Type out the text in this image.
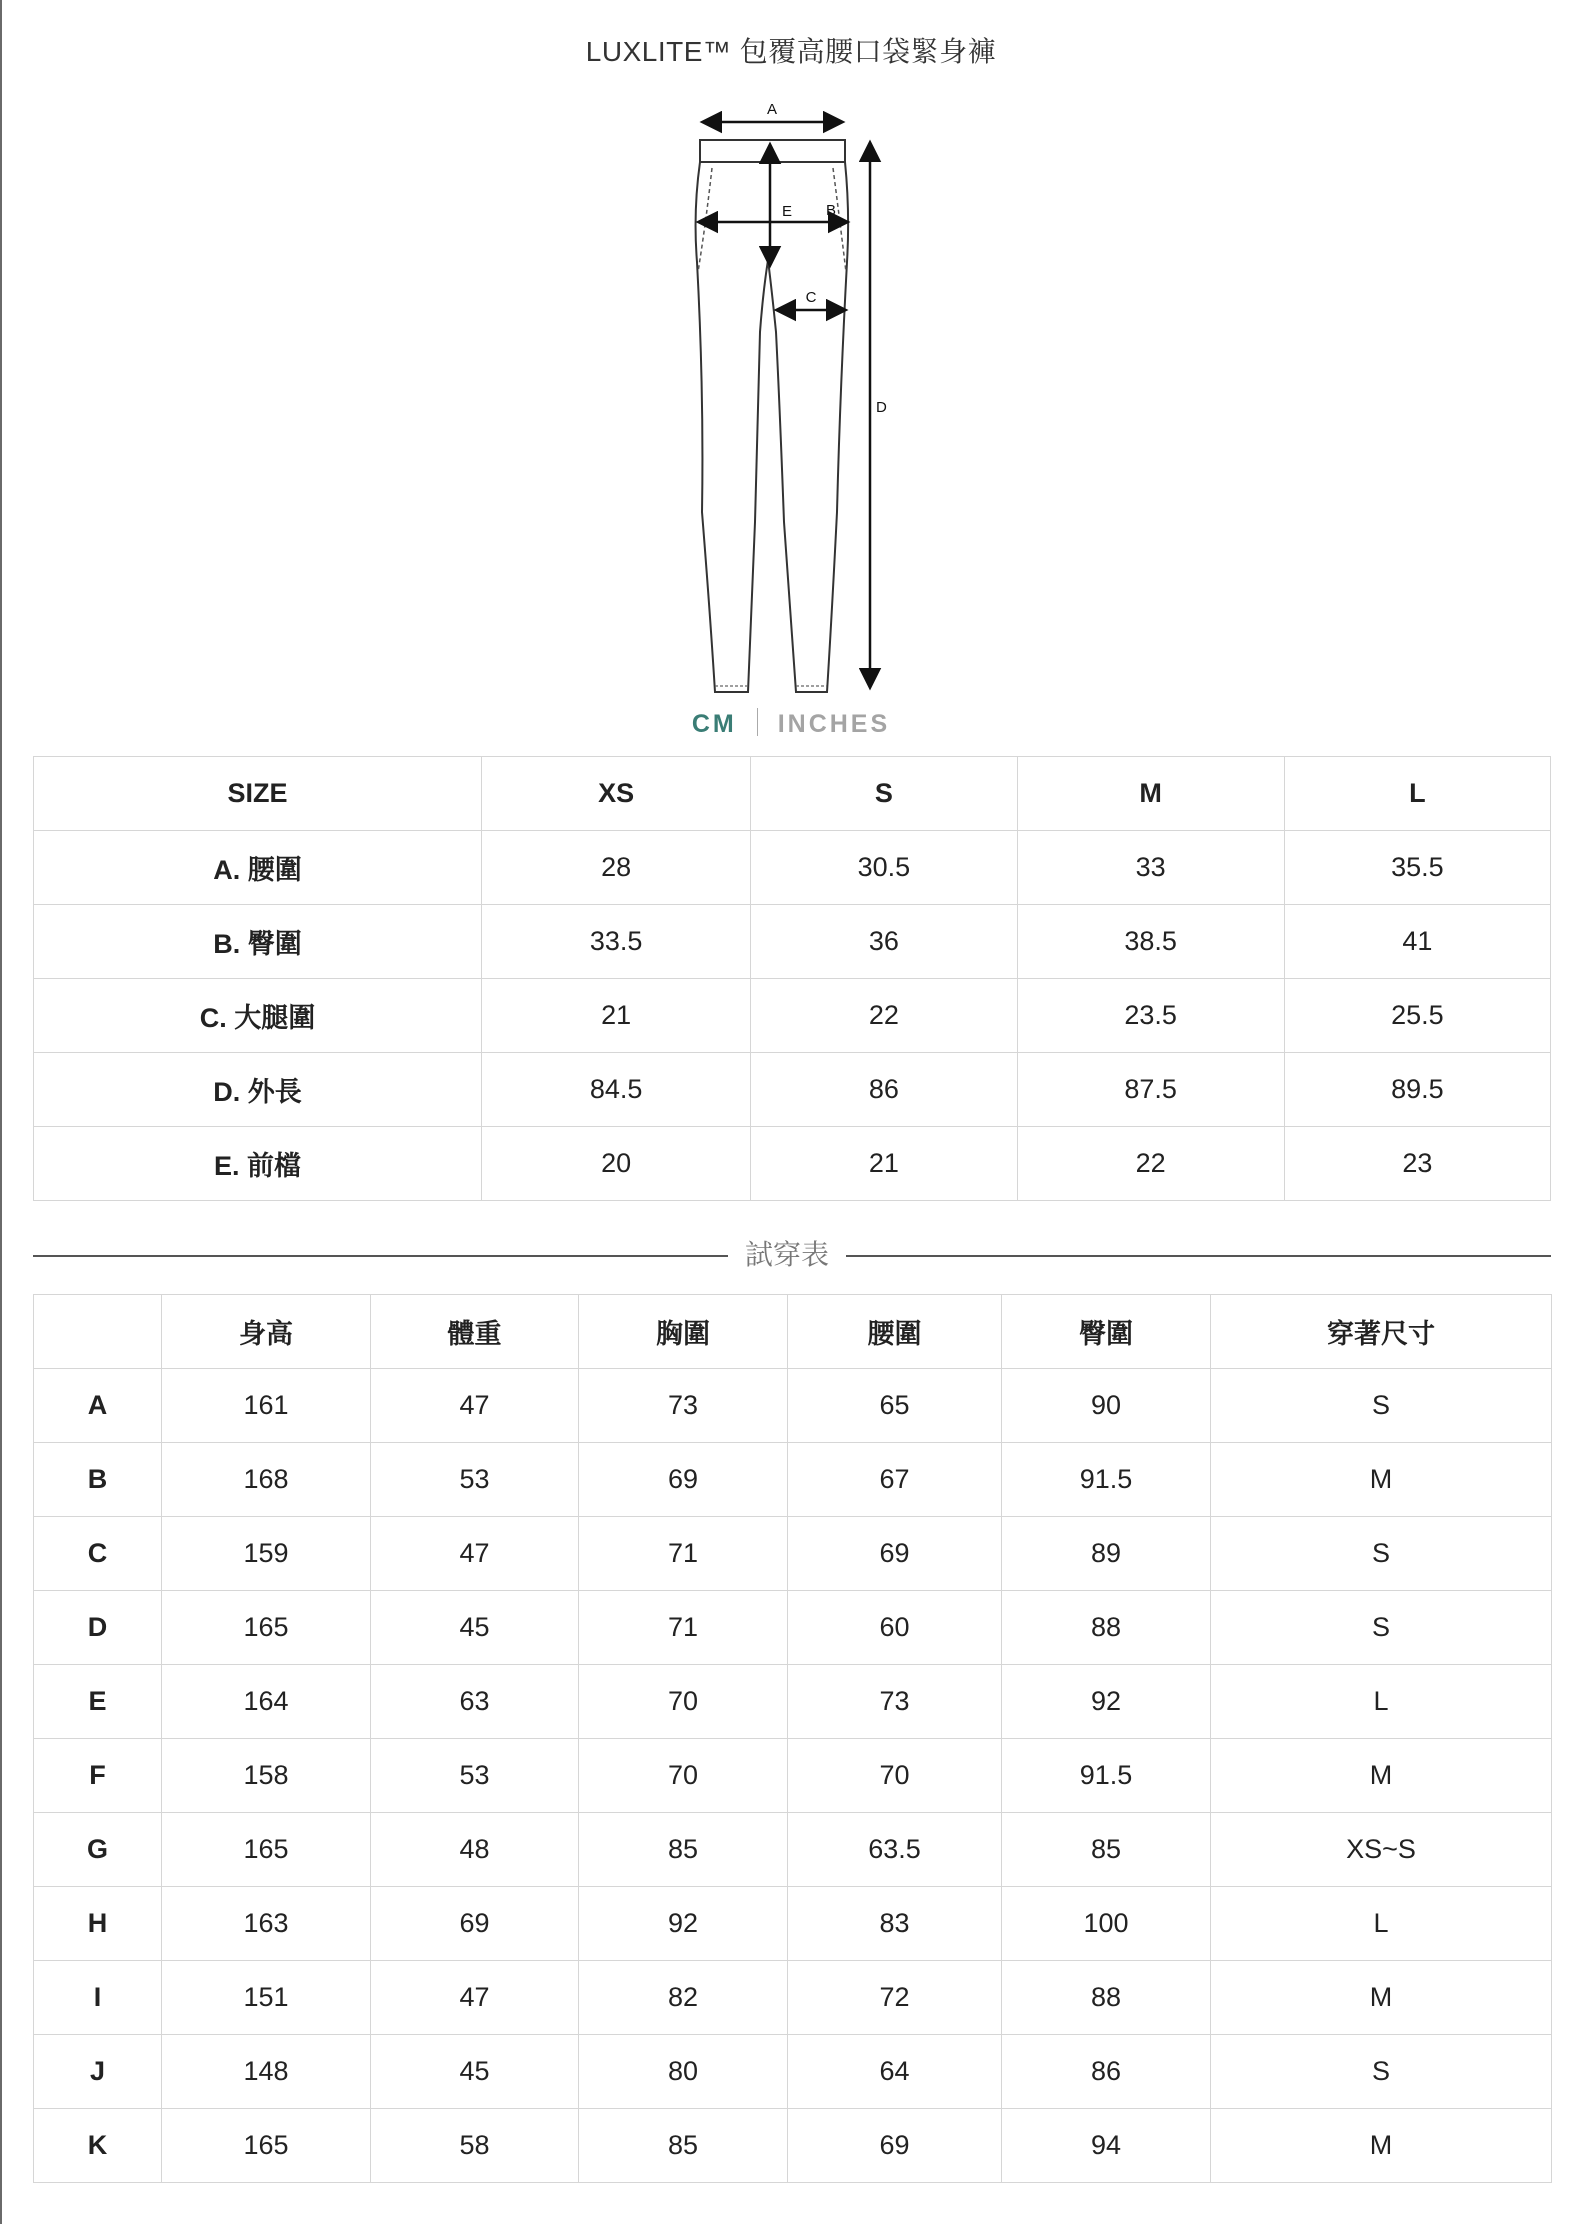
LUXLITE™ 包覆高腰口袋緊身褲
A
E B
C
D
CM INCHES
SIZE	XS	S	M	L
A. 腰圍	28	30.5	33	35.5
B. 臀圍	33.5	36	38.5	41
C. 大腿圍	21	22	23.5	25.5
D. 外長	84.5	86	87.5	89.5
E. 前檔	20	21	22	23
試穿表
	身高	體重	胸圍	腰圍	臀圍	穿著尺寸
A	161	47	73	65	90	S
B	168	53	69	67	91.5	M
C	159	47	71	69	89	S
D	165	45	71	60	88	S
E	164	63	70	73	92	L
F	158	53	70	70	91.5	M
G	165	48	85	63.5	85	XS~S
H	163	69	92	83	100	L
I	151	47	82	72	88	M
J	148	45	80	64	86	S
K	165	58	85	69	94	M
